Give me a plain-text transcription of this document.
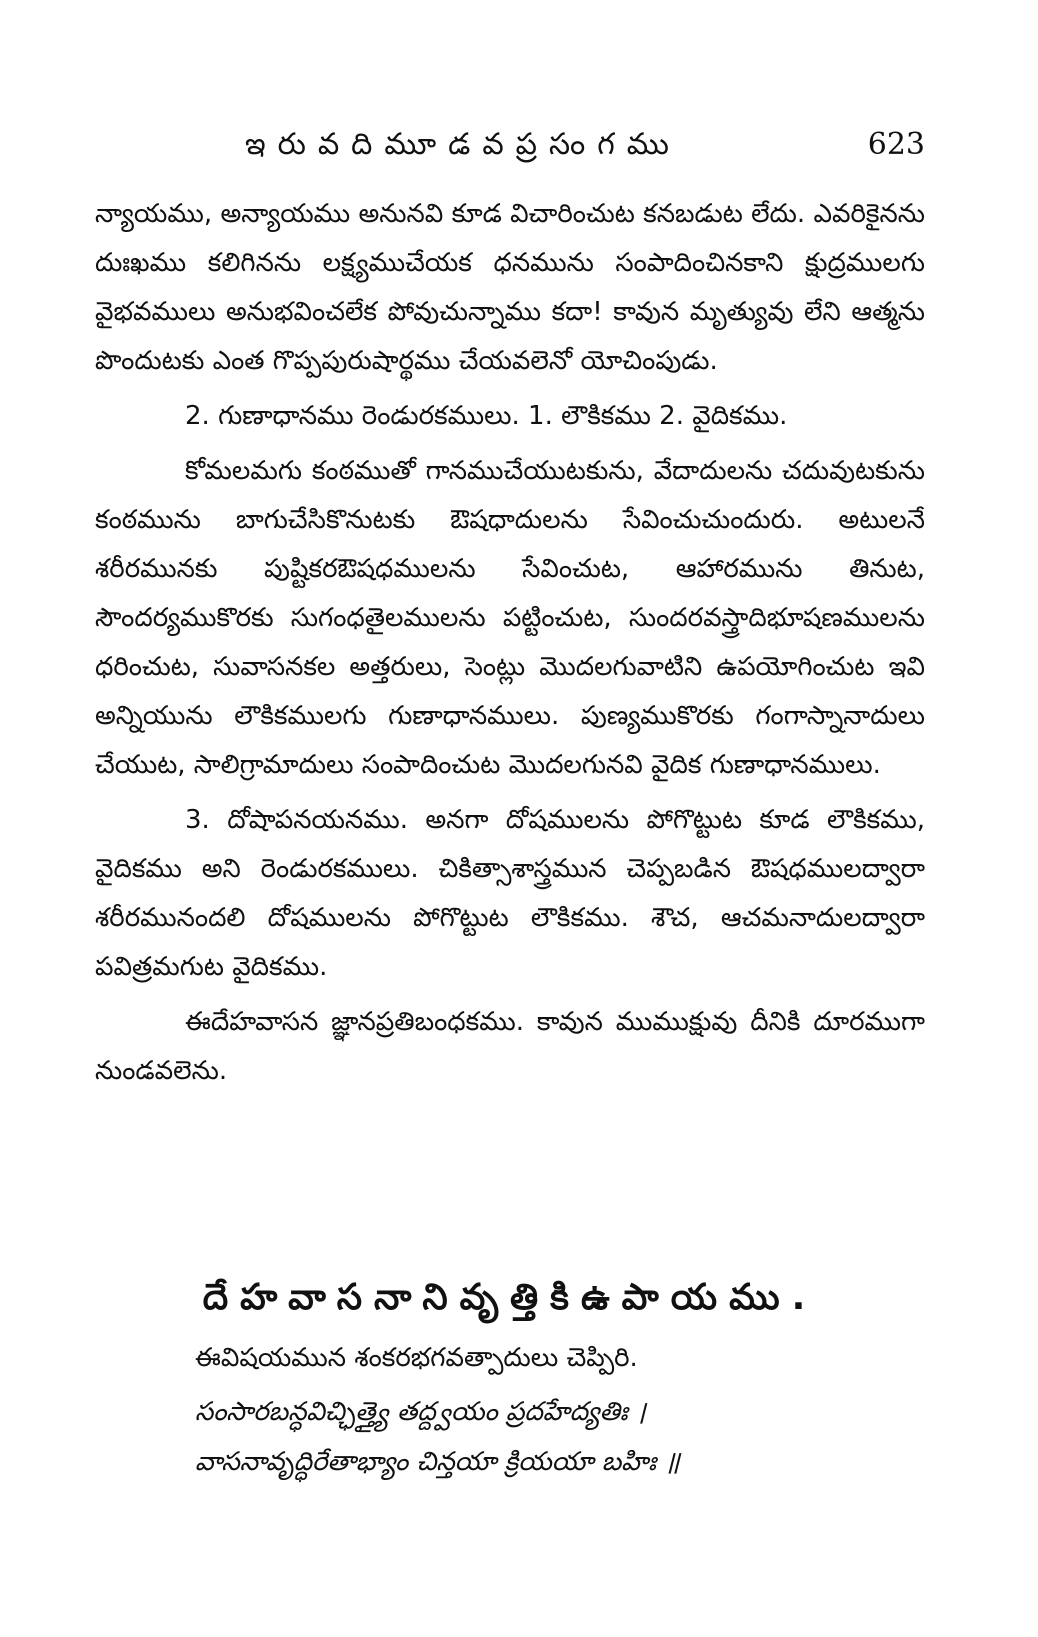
ఇరువదిమూడవప్రసంగము	623

న్యాయము, అన్యాయము అనునవి కూడ విచారించుట కనబడుట లేదు. ఎవరికైనను దుఃఖము కలిగినను లక్ష్యముచేయక ధనమును సంపాదించినకాని క్షుద్రములగు వైభవములు అనుభవించలేక పోవుచున్నాము కదా! కావున మృత్యువు లేని ఆత్మను పొందుటకు ఎంత గొప్పపురుషార్థము చేయవలెనో యోచింపుడు.

2. గుణాధానము రెండురకములు. 1. లౌకికము 2. వైదికము.

కోమలమగు కంఠముతో గానముచేయుటకును, వేదాదులను చదువుటకును కంఠమును బాగుచేసికొనుటకు ఔషధాదులను సేవించుచుందురు. అటులనే శరీరమునకు పుష్టికరఔషధములను సేవించుట, ఆహారమును తినుట, సౌందర్యముకొరకు సుగంధతైలములను పట్టించుట, సుందరవస్త్రాదిభూషణములను ధరించుట, సువాసనకల అత్తరులు, సెంట్లు మొదలగువాటిని ఉపయోగించుట ఇవి అన్నియును లౌకికములగు గుణాధానములు. పుణ్యముకొరకు గంగాస్నానాదులు చేయుట, సాలిగ్రామాదులు సంపాదించుట మొదలగునవి వైదిక గుణాధానములు.

3. దోషాపనయనము. అనగా దోషములను పోగొట్టుట కూడ లౌకికము, వైదికము అని రెండురకములు. చికిత్సాశాస్త్రమున చెప్పబడిన ఔషధములద్వారా శరీరమునందలి దోషములను పోగొట్టుట లౌకికము. శౌచ, ఆచమనాదులద్వారా పవిత్రమగుట వైదికము.

ఈదేహవాసన జ్ఞానప్రతిబంధకము. కావున ముముక్షువు దీనికి దూరముగా నుండవలెను.

దేహవాసనానివృత్తికిఉపాయము.

ఈవిషయమున శంకరభగవత్పాదులు చెప్పిరి.

సంసారబన్ధవిచ్ఛిత్త్యై తద్ద్వయం ప్రదహేద్యతిః ।

వాసనావృద్ధిరేతాభ్యాం చిన్తయా క్రియయా బహిః ॥
